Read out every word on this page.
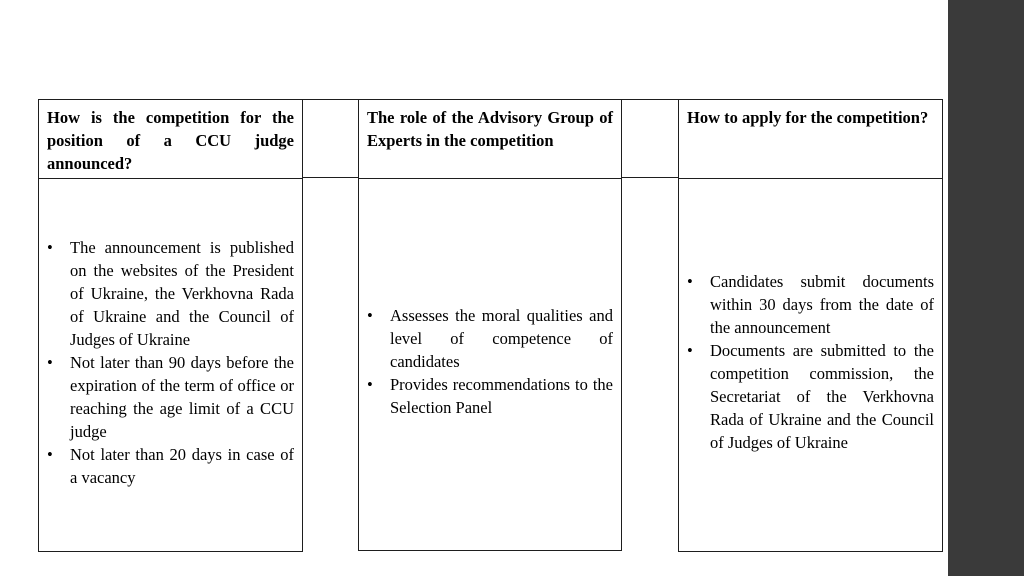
How is the competition for the position of a CCU judge announced?
• The announcement is published on the websites of the President of Ukraine, the Verkhovna Rada of Ukraine and the Council of Judges of Ukraine
• Not later than 90 days before the expiration of the term of office or reaching the age limit of a CCU judge
• Not later than 20 days in case of a vacancy
The role of the Advisory Group of Experts in the competition
• Assesses the moral qualities and level of competence of candidates
• Provides recommendations to the Selection Panel
How to apply for the competition?
• Candidates submit documents within 30 days from the date of the announcement
• Documents are submitted to the competition commission, the Secretariat of the Verkhovna Rada of Ukraine and the Council of Judges of Ukraine
